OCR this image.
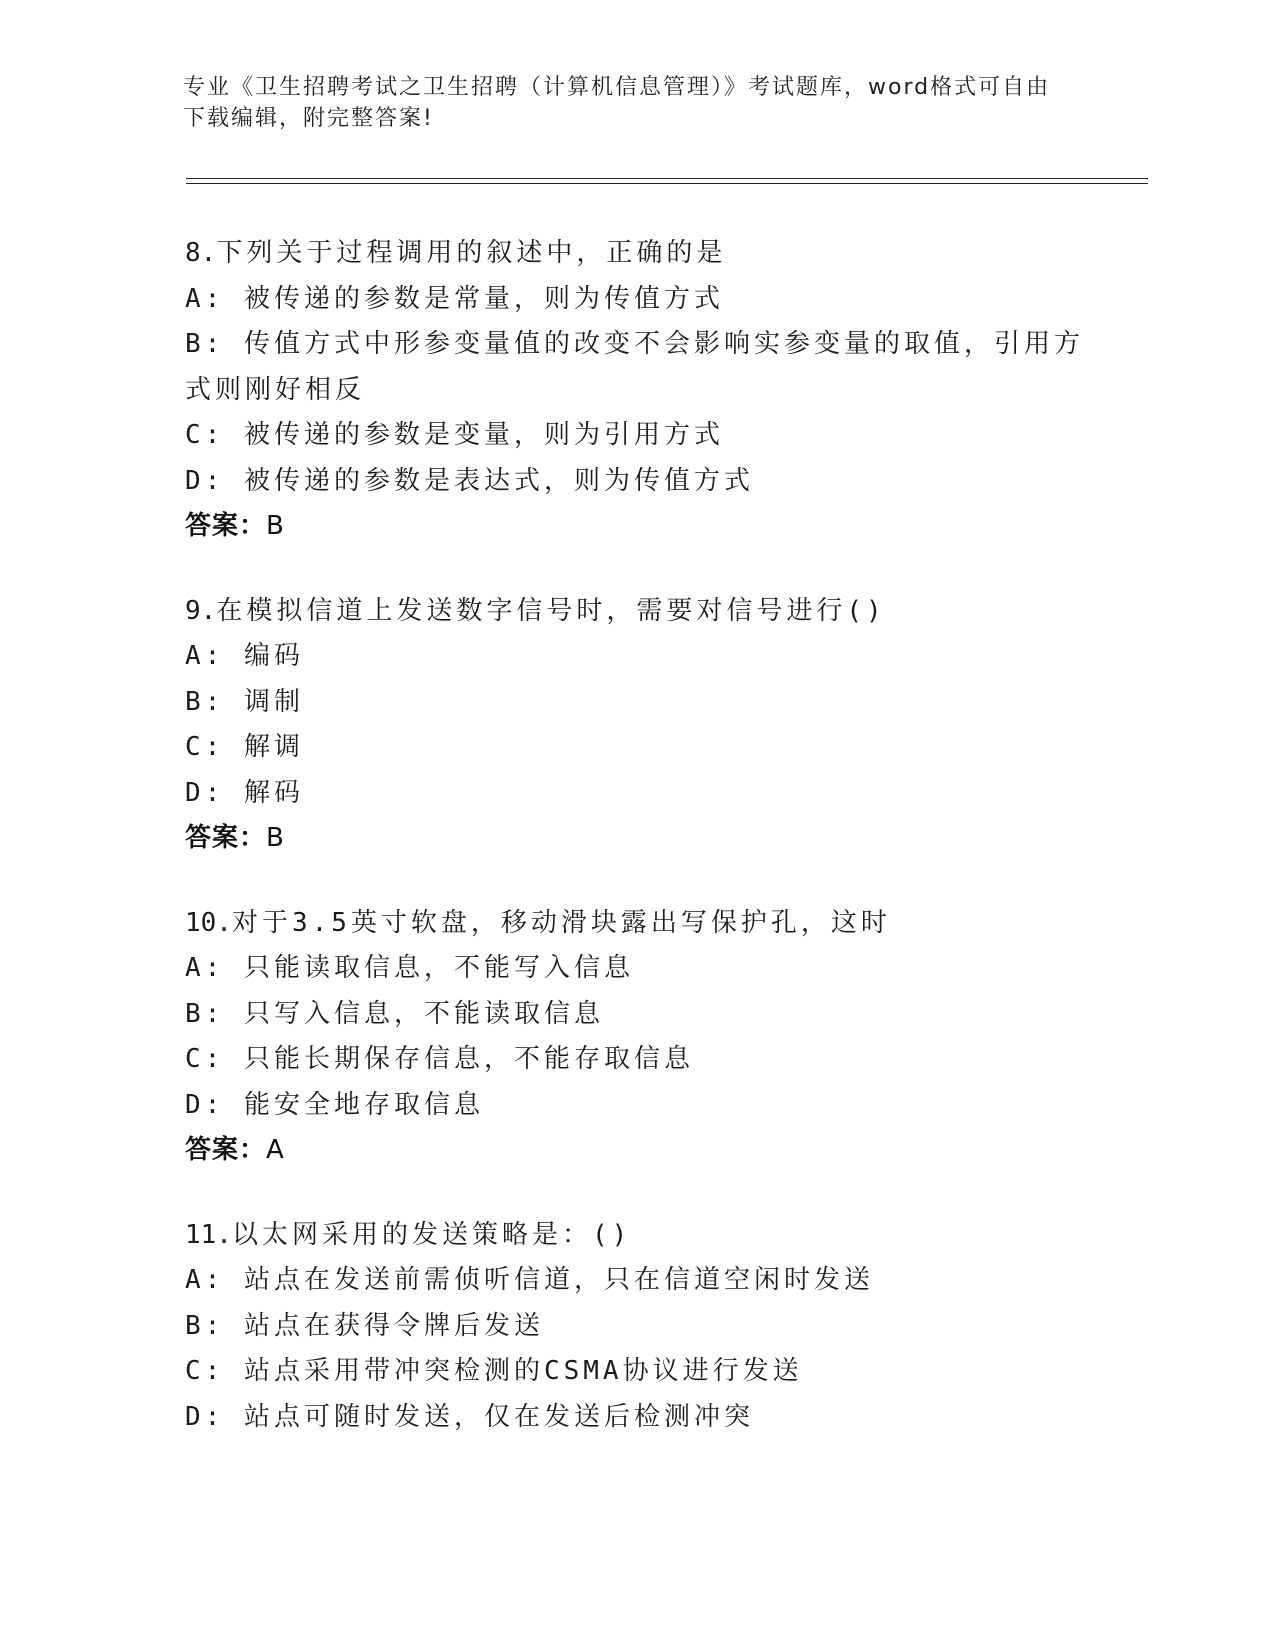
专业《卫生招聘考试之卫生招聘（计算机信息管理）》考试题库，word格式可自由下载编辑，附完整答案!
8.下列关于过程调用的叙述中，正确的是
A: 被传递的参数是常量，则为传值方式
B: 传值方式中形参变量值的改变不会影响实参变量的取值，引用方式则刚好相反
C: 被传递的参数是变量，则为引用方式
D: 被传递的参数是表达式，则为传值方式
答案：B
9.在模拟信道上发送数字信号时，需要对信号进行()
A: 编码
B: 调制
C: 解调
D: 解码
答案：B
10.对于3.5英寸软盘，移动滑块露出写保护孔，这时
A: 只能读取信息，不能写入信息
B: 只写入信息，不能读取信息
C: 只能长期保存信息，不能存取信息
D: 能安全地存取信息
答案：A
11.以太网采用的发送策略是：()
A: 站点在发送前需侦听信道，只在信道空闲时发送
B: 站点在获得令牌后发送
C: 站点采用带冲突检测的CSMA协议进行发送
D: 站点可随时发送，仅在发送后检测冲突
